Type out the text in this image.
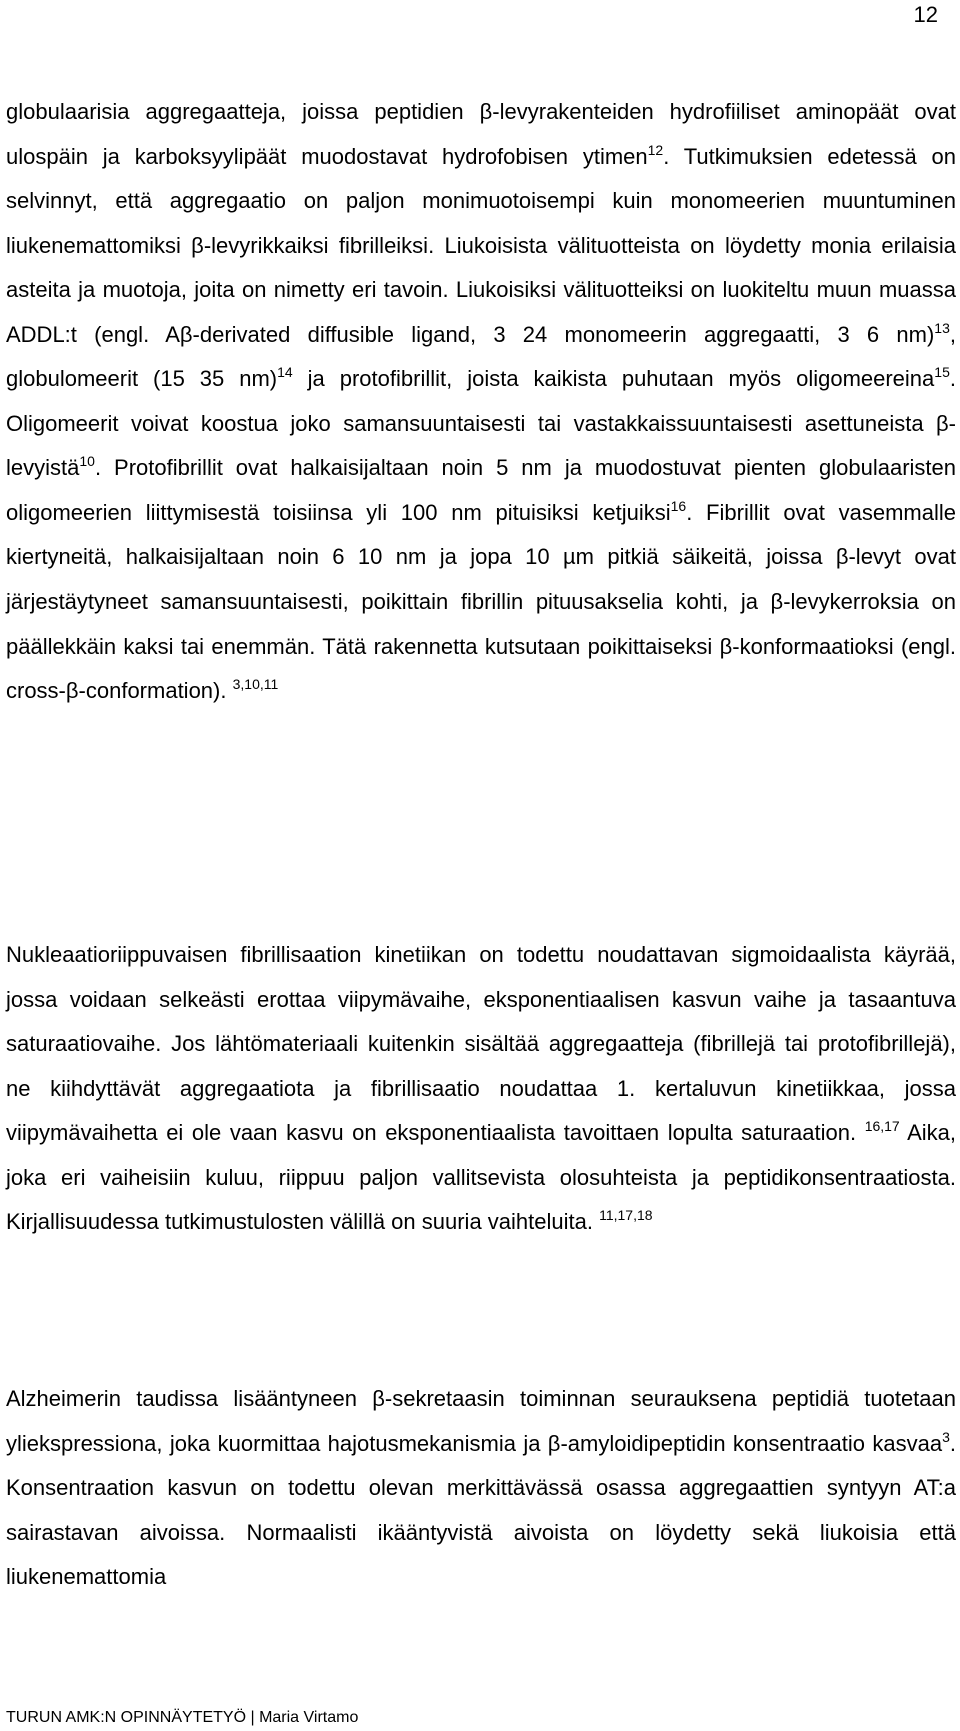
12

globulaarisia aggregaatteja, joissa peptidien β-levyrakenteiden hydrofiiliset aminopäät ovat ulospäin ja karboksyylipäät muodostavat hydrofobisen ytimen$^{12}$. Tutkimuksien edetessä on selvinnyt, että aggregaatio on paljon monimuotoisempi kuin monomeerien muuntuminen liukenemattomiksi β-levyrikkaiksi fibrilleiksi. Liukoisista välituotteista on löydetty monia erilaisia asteita ja muotoja, joita on nimetty eri tavoin. Liukoisiksi välituotteiksi on luokiteltu muun muassa ADDL:t (engl. Aβ-derivated diffusible ligand, 3 24 monomeerin aggregaatti, 3 6 nm)$^{13}$, globulomeerit (15 35 nm)$^{14}$ ja protofibrillit, joista kaikista puhutaan myös oligomeereina$^{15}$. Oligomeerit voivat koostua joko samansuuntaisesti tai vastakkaissuuntaisesti asettuneista β-levyistä$^{10}$. Protofibrillit ovat halkaisijaltaan noin 5 nm ja muodostuvat pienten globulaaristen oligomeerien liittymisestä toisiinsa yli 100 nm pituisiksi ketjuiksi$^{16}$. Fibrillit ovat vasemmalle kiertyneitä, halkaisijaltaan noin 6 10 nm ja jopa 10 µm pitkiä säikeitä, joissa β-levyt ovat järjestäytyneet samansuuntaisesti, poikittain fibrillin pituusakselia kohti, ja β-levykerroksia on päällekkäin kaksi tai enemmän. Tätä rakennetta kutsutaan poikittaiseksi β-konformaatioksi (engl. cross-β-conformation). $^{3,10,11}$

Nukleaatioriippuvaisen fibrillisaation kinetiikan on todettu noudattavan sigmoidaalista käyrää, jossa voidaan selkeästi erottaa viipymävaihe, eksponentiaalisen kasvun vaihe ja tasaantuva saturaatiovaihe. Jos lähtömateriaali kuitenkin sisältää aggregaatteja (fibrillejä tai protofibrillejä), ne kiihdyttävät aggregaatiota ja fibrillisaatio noudattaa 1. kertaluvun kinetiikkaa, jossa viipymävaihetta ei ole vaan kasvu on eksponentiaalista tavoittaen lopulta saturaation. $^{16,17}$ Aika, joka eri vaiheisiin kuluu, riippuu paljon vallitsevista olosuhteista ja peptidikonsentraatiosta. Kirjallisuudessa tutkimustulosten välillä on suuria vaihteluita. $^{11,17,18}$

Alzheimerin taudissa lisääntyneen β-sekretaasin toiminnan seurauksena peptidiä tuotetaan yliekspressiona, joka kuormittaa hajotusmekanismia ja β-amyloidipeptidin konsentraatio kasvaa$^3$. Konsentraation kasvun on todettu olevan merkittävässä osassa aggregaattien syntyyn AT:a sairastavan aivoissa. Normaalisti ikääntyvistä aivoista on löydetty sekä liukoisia että liukenemattomia

TURUN AMK:N OPINNÄYTETYÖ | Maria Virtamo
